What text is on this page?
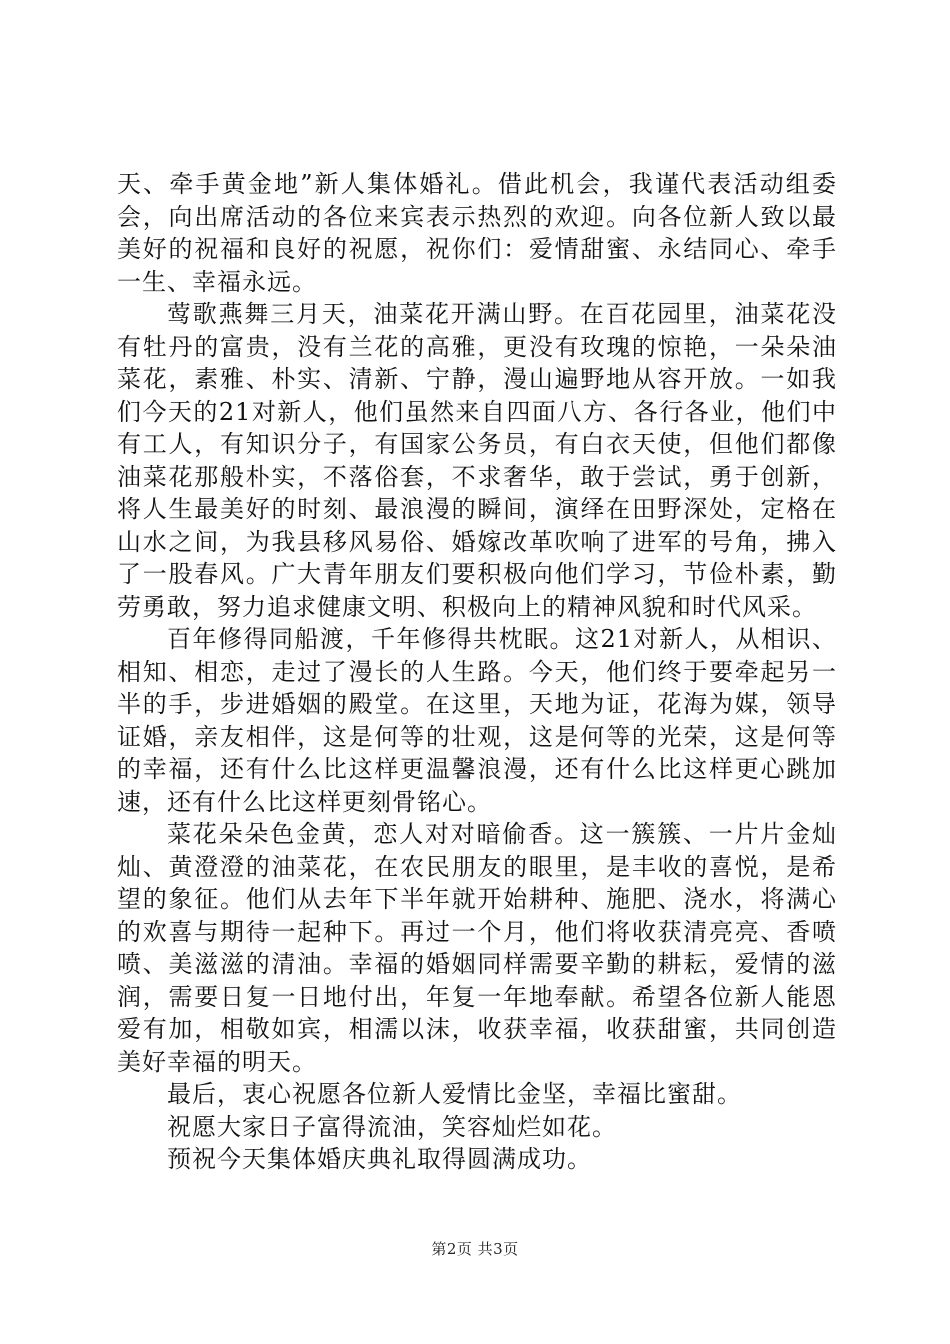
天、牵手黄金地”新人集体婚礼。借此机会，我谨代表活动组委会，向出席活动的各位来宾表示热烈的欢迎。向各位新人致以最美好的祝福和良好的祝愿，祝你们：爱情甜蜜、永结同心、牵手一生、幸福永远。

莺歌燕舞三月天，油菜花开满山野。在百花园里，油菜花没有牡丹的富贵，没有兰花的高雅，更没有玫瑰的惊艳，一朵朵油菜花，素雅、朴实、清新、宁静，漫山遍野地从容开放。一如我们今天的21对新人，他们虽然来自四面八方、各行各业，他们中有工人，有知识分子，有国家公务员，有白衣天使，但他们都像油菜花那般朴实，不落俗套，不求奢华，敢于尝试，勇于创新，将人生最美好的时刻、最浪漫的瞬间，演绎在田野深处，定格在山水之间，为我县移风易俗、婚嫁改革吹响了进军的号角，拂入了一股春风。广大青年朋友们要积极向他们学习，节俭朴素，勤劳勇敢，努力追求健康文明、积极向上的精神风貌和时代风采。

百年修得同船渡，千年修得共枕眠。这21对新人，从相识、相知、相恋，走过了漫长的人生路。今天，他们终于要牵起另一半的手，步进婚姻的殿堂。在这里，天地为证，花海为媒，领导证婚，亲友相伴，这是何等的壮观，这是何等的光荣，这是何等的幸福，还有什么比这样更温馨浪漫，还有什么比这样更心跳加速，还有什么比这样更刻骨铭心。

菜花朵朵色金黄，恋人对对暗偷香。这一簇簇、一片片金灿灿、黄澄澄的油菜花，在农民朋友的眼里，是丰收的喜悦，是希望的象征。他们从去年下半年就开始耕种、施肥、浇水，将满心的欢喜与期待一起种下。再过一个月，他们将收获清亮亮、香喷喷、美滋滋的清油。幸福的婚姻同样需要辛勤的耕耘，爱情的滋润，需要日复一日地付出，年复一年地奉献。希望各位新人能恩爱有加，相敬如宾，相濡以沫，收获幸福，收获甜蜜，共同创造美好幸福的明天。

最后，衷心祝愿各位新人爱情比金坚，幸福比蜜甜。

祝愿大家日子富得流油，笑容灿烂如花。

预祝今天集体婚庆典礼取得圆满成功。

第2页 共3页
